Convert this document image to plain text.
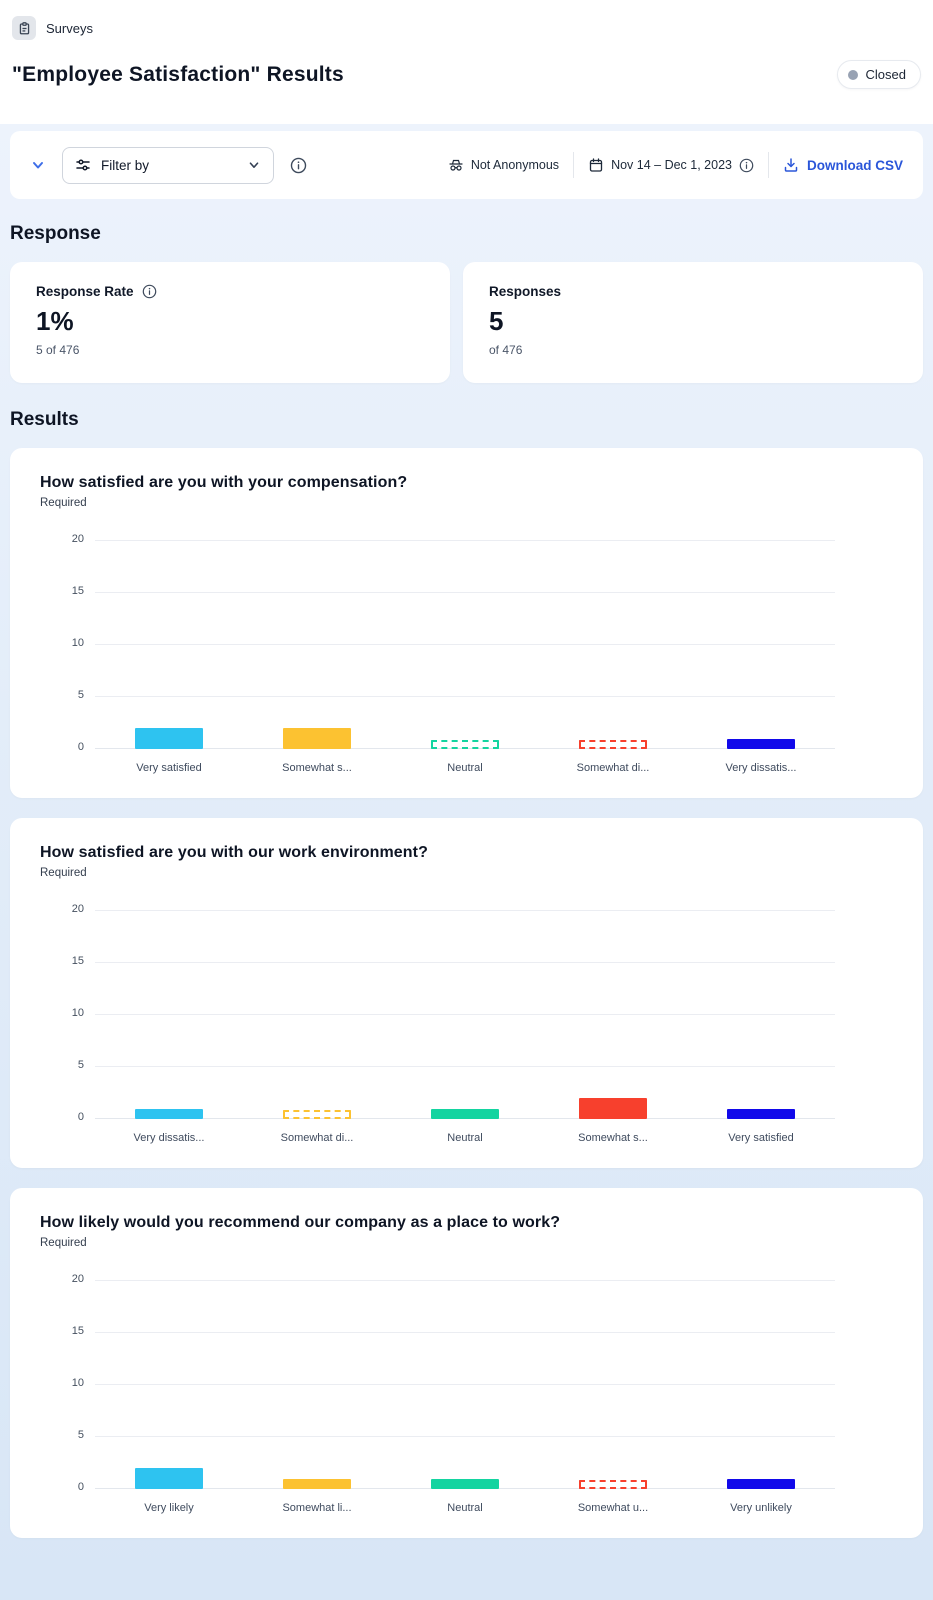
Surveys
"Employee Satisfaction" Results	Closed
Filter by	Not Anonymous	Nov 14 – Dec 1, 2023	Download CSV
Response
Response Rate
1%
5 of 476
Responses
5
of 476
Results
How satisfied are you with your compensation?
Required
0
5
10
15
20
Very satisfied	Somewhat s...	Neutral	Somewhat di...	Very dissatis...
How satisfied are you with our work environment?
Required
0
5
10
15
20
Very dissatis...	Somewhat di...	Neutral	Somewhat s...	Very satisfied
How likely would you recommend our company as a place to work?
Required
0
5
10
15
20
Very likely	Somewhat li...	Neutral	Somewhat u...	Very unlikely
